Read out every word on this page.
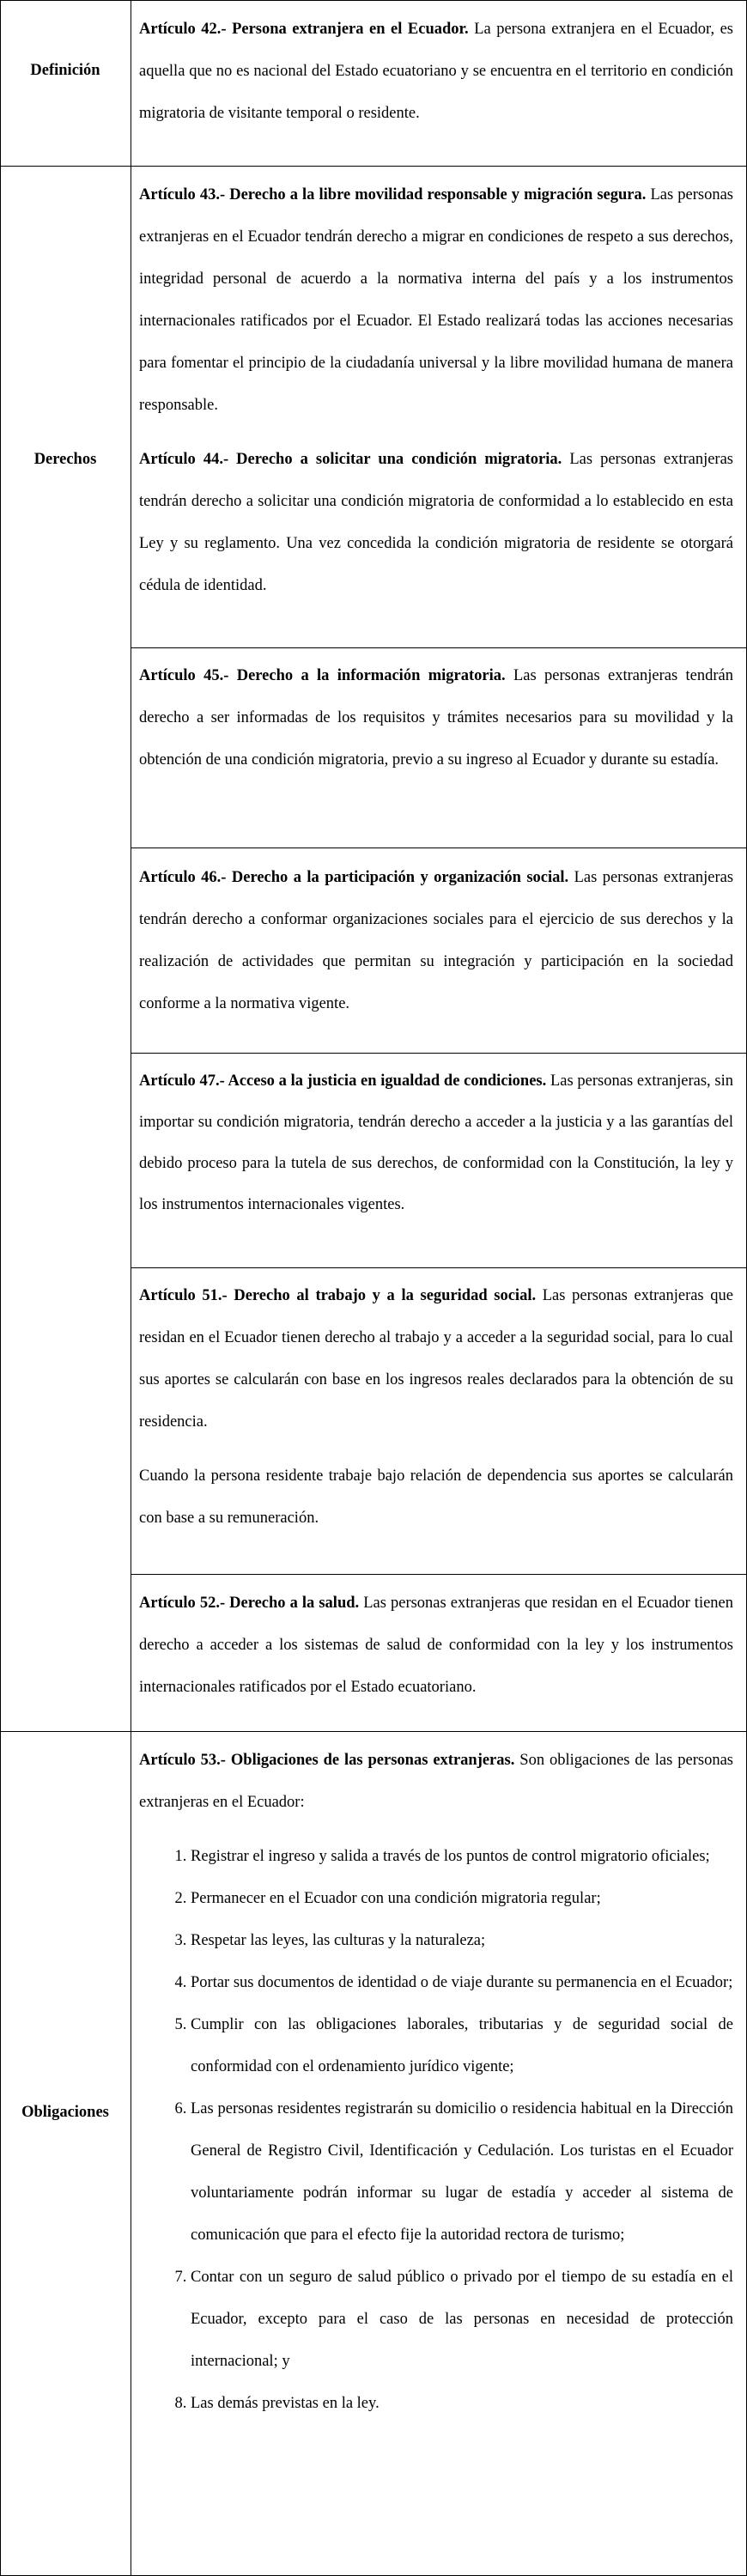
Definición
Derechos
Obligaciones

Artículo 42.- Persona extranjera en el Ecuador. La persona extranjera en el Ecuador, es aquella que no es nacional del Estado ecuatoriano y se encuentra en el territorio en condición migratoria de visitante temporal o residente.

Artículo 43.- Derecho a la libre movilidad responsable y migración segura. Las personas extranjeras en el Ecuador tendrán derecho a migrar en condiciones de respeto a sus derechos, integridad personal de acuerdo a la normativa interna del país y a los instrumentos internacionales ratificados por el Ecuador. El Estado realizará todas las acciones necesarias para fomentar el principio de la ciudadanía universal y la libre movilidad humana de manera responsable.

Artículo 44.- Derecho a solicitar una condición migratoria. Las personas extranjeras tendrán derecho a solicitar una condición migratoria de conformidad a lo establecido en esta Ley y su reglamento. Una vez concedida la condición migratoria de residente se otorgará cédula de identidad.

Artículo 45.- Derecho a la información migratoria. Las personas extranjeras tendrán derecho a ser informadas de los requisitos y trámites necesarios para su movilidad y la obtención de una condición migratoria, previo a su ingreso al Ecuador y durante su estadía.

Artículo 46.- Derecho a la participación y organización social. Las personas extranjeras tendrán derecho a conformar organizaciones sociales para el ejercicio de sus derechos y la realización de actividades que permitan su integración y participación en la sociedad conforme a la normativa vigente.

Artículo 47.- Acceso a la justicia en igualdad de condiciones. Las personas extranjeras, sin importar su condición migratoria, tendrán derecho a acceder a la justicia y a las garantías del debido proceso para la tutela de sus derechos, de conformidad con la Constitución, la ley y los instrumentos internacionales vigentes.

Artículo 51.- Derecho al trabajo y a la seguridad social. Las personas extranjeras que residan en el Ecuador tienen derecho al trabajo y a acceder a la seguridad social, para lo cual sus aportes se calcularán con base en los ingresos reales declarados para la obtención de su residencia.

Cuando la persona residente trabaje bajo relación de dependencia sus aportes se calcularán con base a su remuneración.

Artículo 52.- Derecho a la salud. Las personas extranjeras que residan en el Ecuador tienen derecho a acceder a los sistemas de salud de conformidad con la ley y los instrumentos internacionales ratificados por el Estado ecuatoriano.

Artículo 53.- Obligaciones de las personas extranjeras. Son obligaciones de las personas extranjeras en el Ecuador:

1. Registrar el ingreso y salida a través de los puntos de control migratorio oficiales;
2. Permanecer en el Ecuador con una condición migratoria regular;
3. Respetar las leyes, las culturas y la naturaleza;
4. Portar sus documentos de identidad o de viaje durante su permanencia en el Ecuador;
5. Cumplir con las obligaciones laborales, tributarias y de seguridad social de conformidad con el ordenamiento jurídico vigente;
6. Las personas residentes registrarán su domicilio o residencia habitual en la Dirección General de Registro Civil, Identificación y Cedulación. Los turistas en el Ecuador voluntariamente podrán informar su lugar de estadía y acceder al sistema de comunicación que para el efecto fije la autoridad rectora de turismo;
7. Contar con un seguro de salud público o privado por el tiempo de su estadía en el Ecuador, excepto para el caso de las personas en necesidad de protección internacional; y
8. Las demás previstas en la ley.
